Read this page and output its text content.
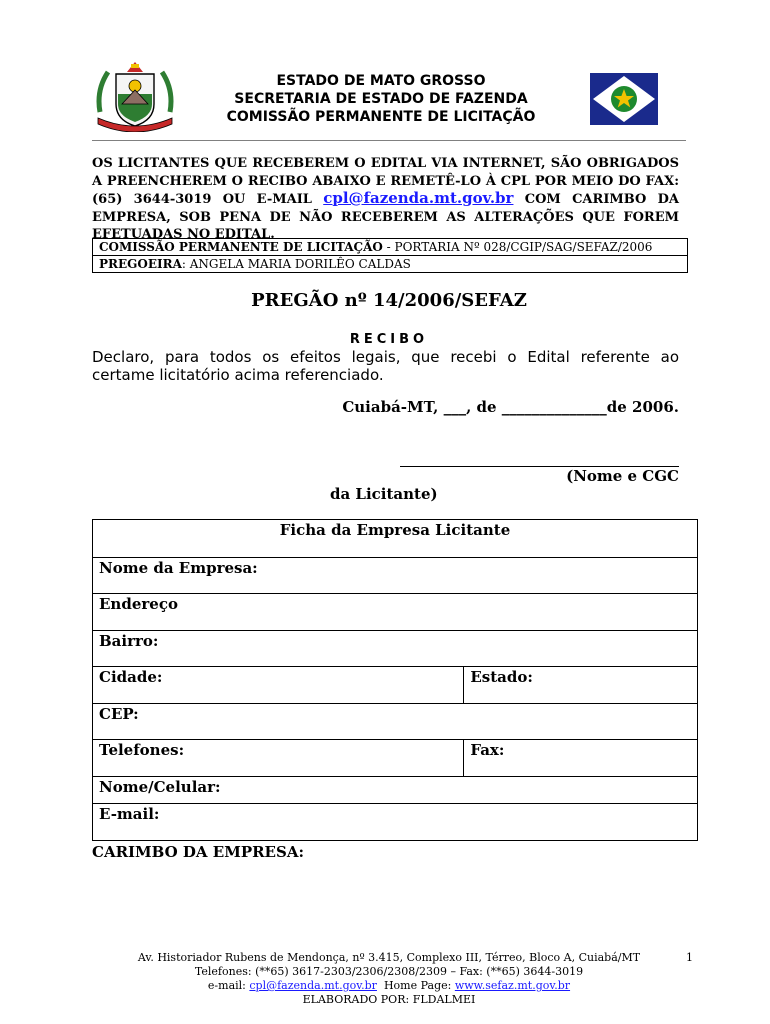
ESTADO DE MATO GROSSO
SECRETARIA DE ESTADO DE FAZENDA
COMISSÃO PERMANENTE DE LICITAÇÃO
OS LICITANTES QUE RECEBEREM O EDITAL VIA INTERNET, SÃO OBRIGADOS A PREENCHEREM O RECIBO ABAIXO E REMETÊ-LO À CPL POR MEIO DO FAX: (65) 3644-3019 OU E-MAIL cpl@fazenda.mt.gov.br COM CARIMBO DA EMPRESA, SOB PENA DE NÃO RECEBEREM AS ALTERAÇÕES QUE FOREM EFETUADAS NO EDITAL.
COMISSÃO PERMANENTE DE LICITAÇÃO - PORTARIA Nº 028/CGIP/SAG/SEFAZ/2006
PREGOEIRA: ANGELA MARIA DORILÊO CALDAS
PREGÃO nº 14/2006/SEFAZ
RECIBO
Declaro, para todos os efeitos legais, que recebi o Edital referente ao certame licitatório acima referenciado.
Cuiabá-MT, ___, de ______________de 2006.
(Nome e CGC
da Licitante)
Ficha da Empresa Licitante	
Nome da Empresa:	
Endereço	
Bairro:	
Cidade:	Estado:
CEP:	
Telefones:	Fax:
Nome/Celular:	
E-mail:	
CARIMBO DA EMPRESA:
Av. Historiador Rubens de Mendonça, nº 3.415, Complexo III, Térreo, Bloco A, Cuiabá/MT
Telefones: (**65) 3617-2303/2306/2308/2309 – Fax: (**65) 3644-3019
e-mail: cpl@fazenda.mt.gov.br  Home Page: www.sefaz.mt.gov.br
ELABORADO POR: FLDALMEI
1
